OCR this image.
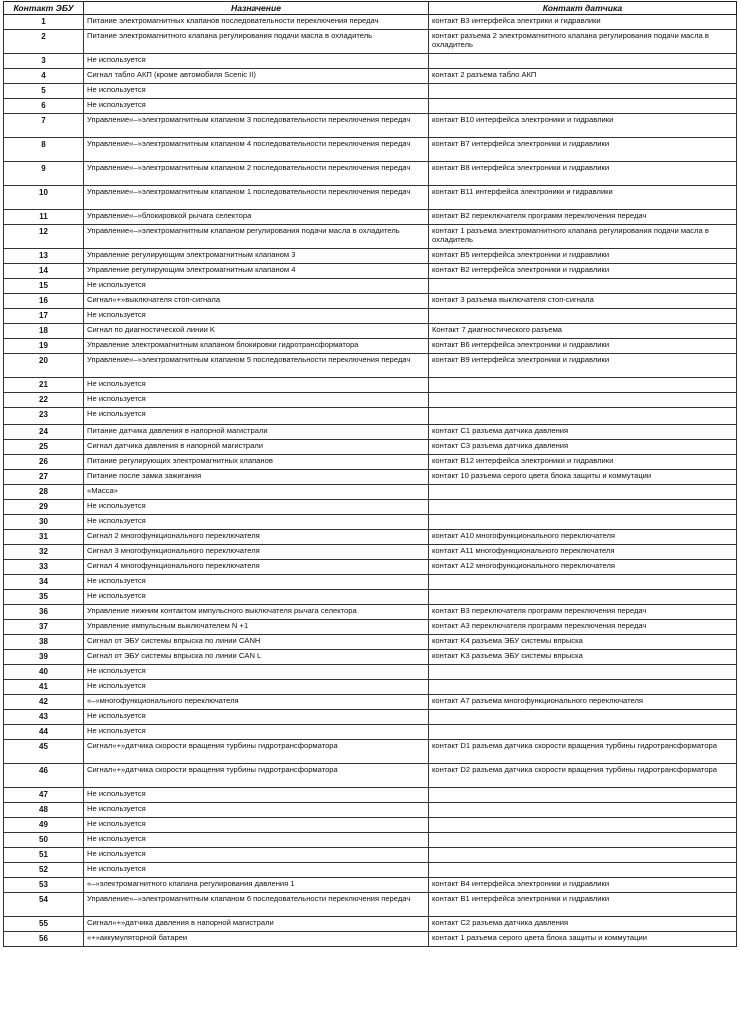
Контакт ЭБУ	Назначение	Контакт датчика
1	Питание электромагнитных клапанов последовательности переключения передач	контакт B3 интерфейса электрики и гидравлики
2	Питание электромагнитного клапана регулирования подачи масла в охладитель	контакт разъема 2 электромагнитного клапана регулирования подачи масла в охладитель
3	Не используется	
4	Сигнал табло АКП (кроме автомобиля Scenic II)	контакт 2 разъема табло АКП
5	Не используется	
6	Не используется	
7	Управление«–»электромагнитным клапаном 3 последовательности переключения передач	контакт B10 интерфейса электроники и гидравлики
8	Управление«–»электромагнитным клапаном 4 последовательности переключения передач	контакт B7 интерфейса электроники и гидравлики
9	Управление«–»электромагнитным клапаном 2 последовательности переключения передач	контакт B8 интерфейса электроники и гидравлики
10	Управление«–»электромагнитным клапаном 1 последовательности переключения передач	контакт B11 интерфейса электроники и гидравлики
11	Управление«–»блокировкой рычага селектора	контакт B2 переключателя программ переключения передач
12	Управление«–»электромагнитным клапаном регулирования подачи масла в охладитель	контакт 1 разъема электромагнитного клапана регулирования подачи масла в охладитель
13	Управление регулирующим электромагнитным клапаном 3	контакт B5 интерфейса электроники и гидравлики
14	Управление регулирующим электромагнитным клапаном 4	контакт B2 интерфейса электроники и гидравлики
15	Не используется	
16	Сигнал«+»выключателя стоп-сигнала	контакт 3 разъема выключателя стоп-сигнала
17	Не используется	
18	Сигнал по диагностической линии K	Контакт 7 диагностического разъема
19	Управление электромагнитным клапаном блокировки гидротрансформатора	контакт B6 интерфейса электроники и гидравлики
20	Управление«–»электромагнитным клапаном 5 последовательности переключения передач	контакт B9 интерфейса электроники и гидравлики
21	Не используется	
22	Не используется	
23	Не используется	
24	Питание датчика давления в напорной магистрали	контакт C1 разъема датчика давления
25	Сигнал датчика давления в напорной магистрали	контакт C3 разъема датчика давления
26	Питание регулирующих электромагнитных клапанов	контакт B12 интерфейса электроники и гидравлики
27	Питание после замка зажигания	контакт 10 разъема серого цвета блока защиты и коммутации
28	«Масса»	
29	Не используется	
30	Не используется	
31	Сигнал 2 многофункционального переключателя	контакт A10 многофункционального переключателя
32	Сигнал 3 многофункционального переключателя	контакт A11 многофункционального переключателя
33	Сигнал 4 многофункционального переключателя	контакт A12 многофункционального переключателя
34	Не используется	
35	Не используется	
36	Управление нижним контактом импульсного выключателя рычага селектора	контакт B3 переключателя программ переключения передач
37	Управление импульсным выключателем N +1	контакт A3 переключателя программ переключения передач
38	Сигнал от ЭБУ системы впрыска по линии CANH	контакт K4 разъема ЭБУ системы впрыска
39	Сигнал от ЭБУ системы впрыска по линии CAN L	контакт K3 разъема ЭБУ системы впрыска
40	Не используется	
41	Не используется	
42	«–»многофункционального переключателя	контакт A7 разъема многофункционального переключателя
43	Не используется	
44	Не используется	
45	Сигнал«+»датчика скорости вращения турбины гидротрансформатора	контакт D1 разъема датчика скорости вращения турбины гидротрансформатора
46	Сигнал«+»датчика скорости вращения турбины гидротрансформатора	контакт D2 разъема датчика скорости вращения турбины гидротрансформатора
47	Не используется	
48	Не используется	
49	Не используется	
50	Не используется	
51	Не используется	
52	Не используется	
53	«–»электромагнитного клапана регулирования давления 1	контакт B4 интерфейса электроники и гидравлики
54	Управление«–»электромагнитным клапаном 6 последовательности переключения передач	контакт B1 интерфейса электроники и гидравлики
55	Сигнал«+»датчика давления в напорной магистрали	контакт C2 разъема датчика давления
56	«+»аккумуляторной батареи	контакт 1 разъема серого цвета блока защиты и коммутации
